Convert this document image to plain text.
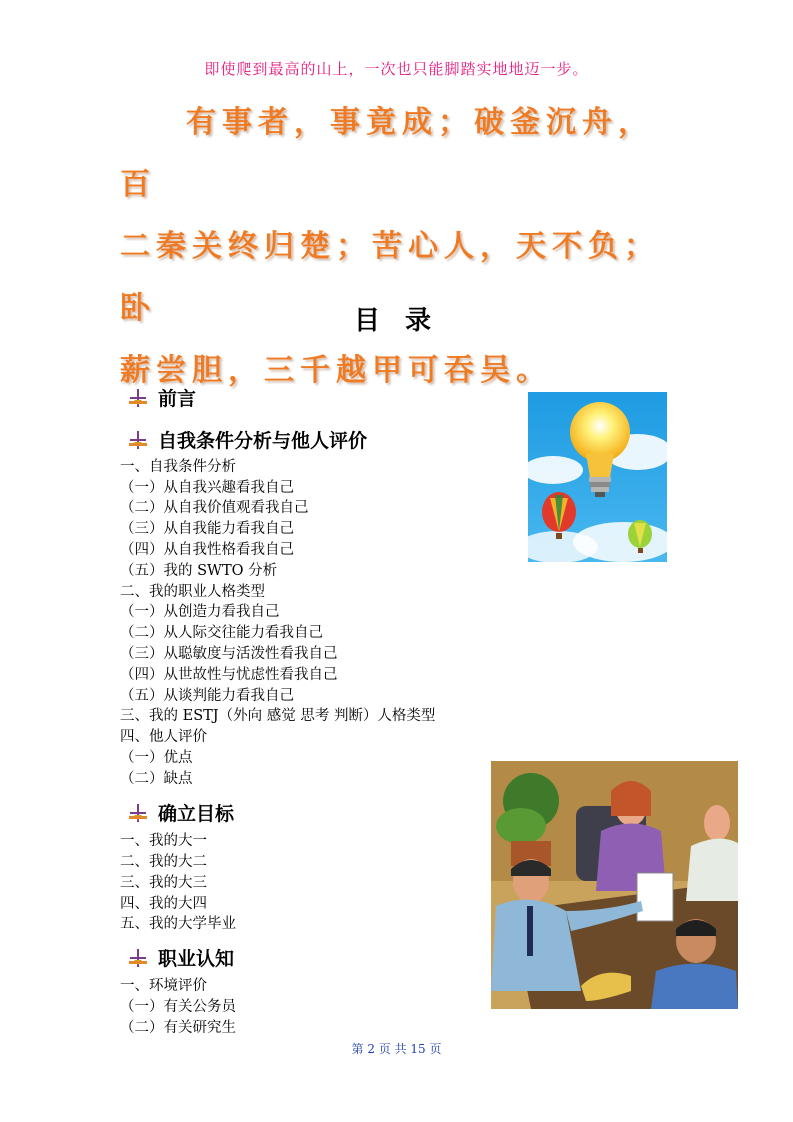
即使爬到最高的山上，一次也只能脚踏实地地迈一步。
有事者，事竟成；破釜沉舟，百
二秦关终归楚；苦心人，天不负；卧
薪尝胆，三千越甲可吞吴。
目 录
前言
自我条件分析与他人评价
一、自我条件分析
（一）从自我兴趣看我自己
（二）从自我价值观看我自己
（三）从自我能力看我自己
（四）从自我性格看我自己
（五）我的 SWTO 分析
二、我的职业人格类型
（一）从创造力看我自己
（二）从人际交往能力看我自己
（三）从聪敏度与活泼性看我自己
（四）从世故性与忧虑性看我自己
（五）从谈判能力看我自己
三、我的 ESTJ（外向 感觉 思考 判断）人格类型
四、他人评价
（一）优点
（二）缺点
确立目标
一、我的大一
二、我的大二
三、我的大三
四、我的大四
五、我的大学毕业
职业认知
一、环境评价
（一）有关公务员
（二）有关研究生
第 2 页 共 15 页
